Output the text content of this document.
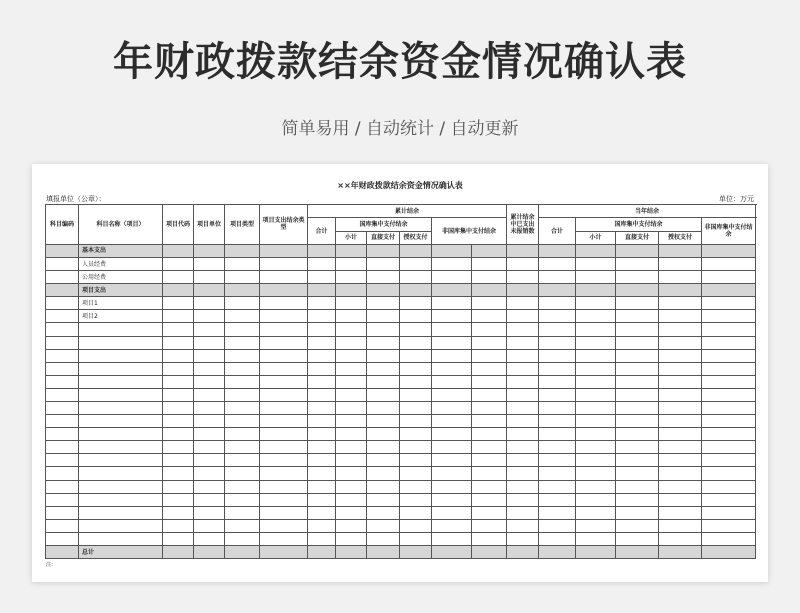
年财政拨款结余资金情况确认表
简单易用 / 自动统计 / 自动更新
××年财政拨款结余资金情况确认表
填报单位（公章）：	单位：万元
科目编码	科目名称（项目）	项目代码	项目单位	项目类型	项目支出结余类型	累计结余						累计结余中已支出未报销数	当年结余	
						合计	国库集中支付结余			非国库集中支付结余			合计	国库集中支付结余			非国库集中支付结余	
							小计	直接支付	授权支付					小计	直接支付	授权支付		
	基本支出																	
	人员经费																	
	公用经费																	
	项目支出																	
	项目1																	
	项目2																	

	总计																	
注：
